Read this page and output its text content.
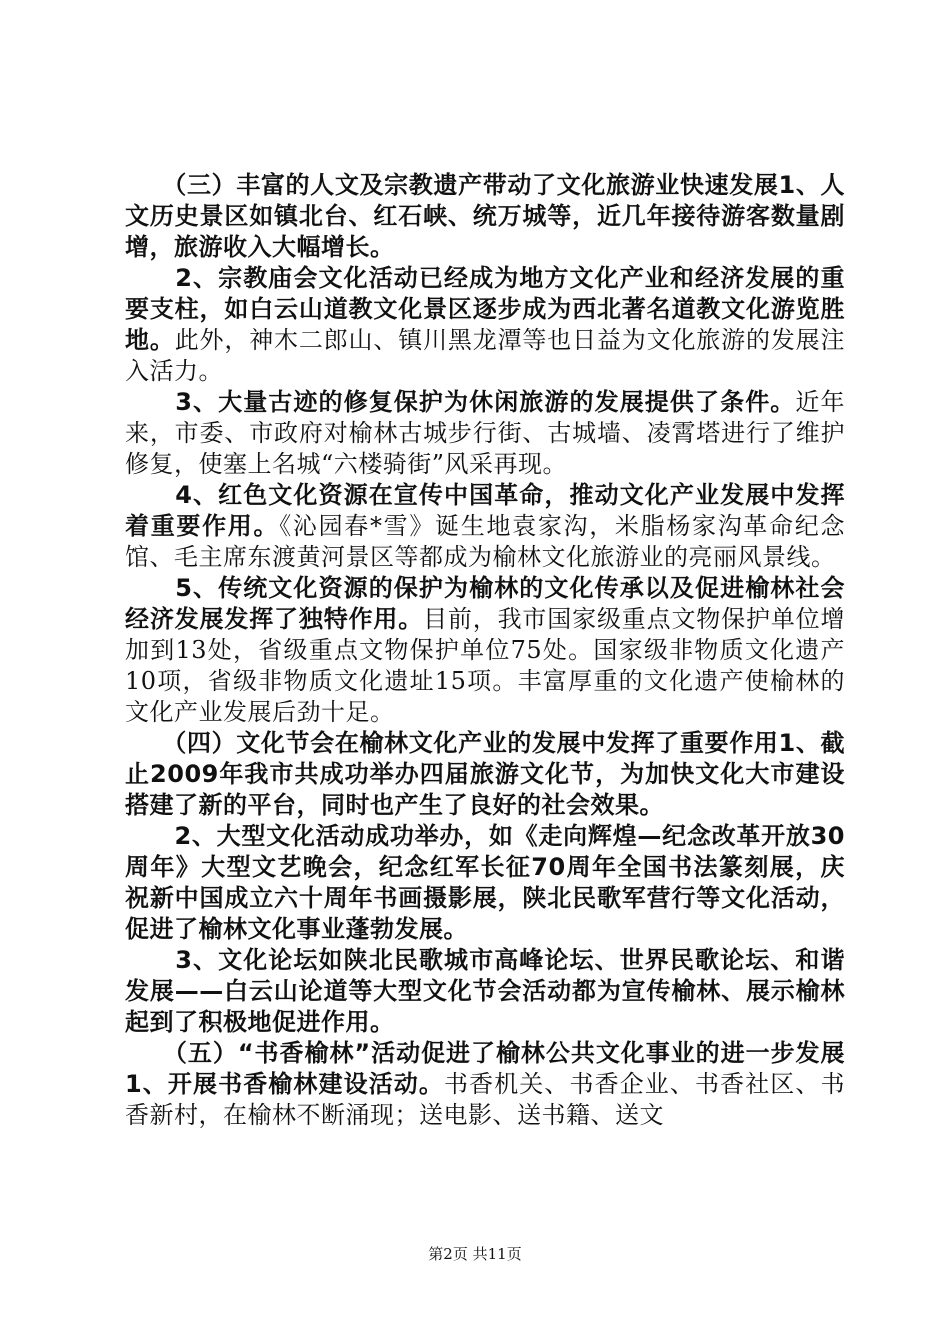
　　（三）丰富的人文及宗教遗产带动了文化旅游业快速发展1、人文历史景区如镇北台、红石峡、统万城等，近几年接待游客数量剧增，旅游收入大幅增长。

　　2、宗教庙会文化活动已经成为地方文化产业和经济发展的重要支柱，如白云山道教文化景区逐步成为西北著名道教文化游览胜地。此外，神木二郎山、镇川黑龙潭等也日益为文化旅游的发展注入活力。

　　3、大量古迹的修复保护为休闲旅游的发展提供了条件。近年来，市委、市政府对榆林古城步行街、古城墙、凌霄塔进行了维护修复，使塞上名城“六楼骑街”风采再现。

　　4、红色文化资源在宣传中国革命，推动文化产业发展中发挥着重要作用。《沁园春*雪》诞生地袁家沟，米脂杨家沟革命纪念馆、毛主席东渡黄河景区等都成为榆林文化旅游业的亮丽风景线。

　　5、传统文化资源的保护为榆林的文化传承以及促进榆林社会经济发展发挥了独特作用。目前，我市国家级重点文物保护单位增加到13处，省级重点文物保护单位75处。国家级非物质文化遗产10项，省级非物质文化遗址15项。丰富厚重的文化遗产使榆林的文化产业发展后劲十足。

　　（四）文化节会在榆林文化产业的发展中发挥了重要作用1、截止2009年我市共成功举办四届旅游文化节，为加快文化大市建设搭建了新的平台，同时也产生了良好的社会效果。

　　2、大型文化活动成功举办，如《走向辉煌—纪念改革开放30周年》大型文艺晚会，纪念红军长征70周年全国书法篆刻展，庆祝新中国成立六十周年书画摄影展，陕北民歌军营行等文化活动，促进了榆林文化事业蓬勃发展。

　　3、文化论坛如陕北民歌城市高峰论坛、世界民歌论坛、和谐发展——白云山论道等大型文化节会活动都为宣传榆林、展示榆林起到了积极地促进作用。

　　（五）“书香榆林”活动促进了榆林公共文化事业的进一步发展1、开展书香榆林建设活动。书香机关、书香企业、书香社区、书香新村，在榆林不断涌现；送电影、送书籍、送文

第2页 共11页
